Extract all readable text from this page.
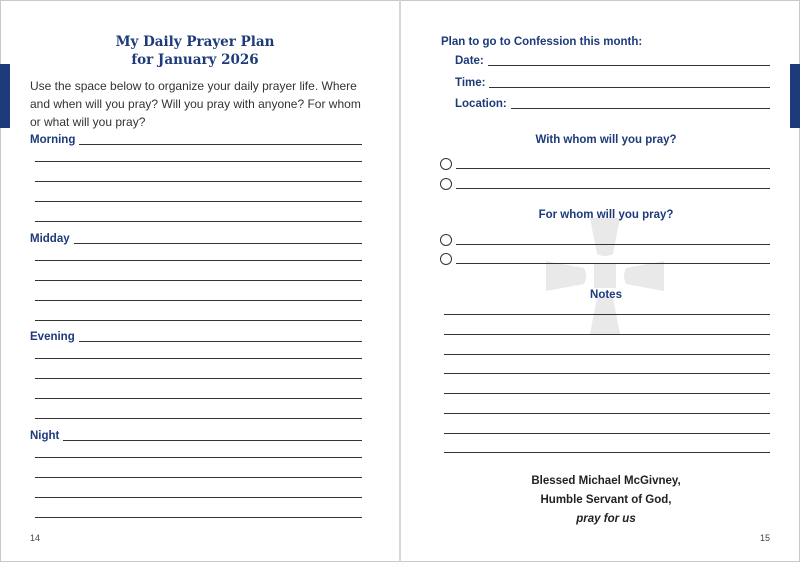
My Daily Prayer Plan
for January 2026
Use the space below to organize your daily prayer life. Where and when will you pray? Will you pray with anyone? For whom or what will you pray?
Morning
Midday
Evening
Night
14
Plan to go to Confession this month:
Date:
Time:
Location:
With whom will you pray?
For whom will you pray?
Notes
Blessed Michael McGivney,
Humble Servant of God,
pray for us
15
